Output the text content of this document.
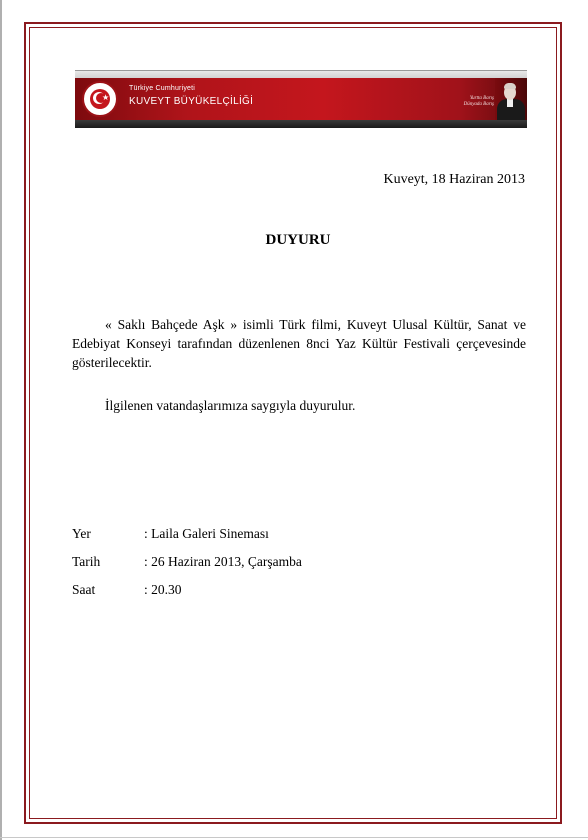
★
Türkiye Cumhuriyeti
KUVEYT BÜYÜKELÇİLİĞİ	Yurtta Barış
Dünyada Barış
Kuveyt, 18 Haziran 2013
DUYURU

« Saklı Bahçede Aşk » isimli Türk filmi, Kuveyt Ulusal Kültür, Sanat ve Edebiyat Konseyi tarafından düzenlenen 8nci Yaz Kültür Festivali çerçevesinde gösterilecektir.

İlgilenen vatandaşlarımıza saygıyla duyurulur.

Yer	: Laila Galeri Sineması
Tarih	: 26 Haziran 2013, Çarşamba
Saat	: 20.30
